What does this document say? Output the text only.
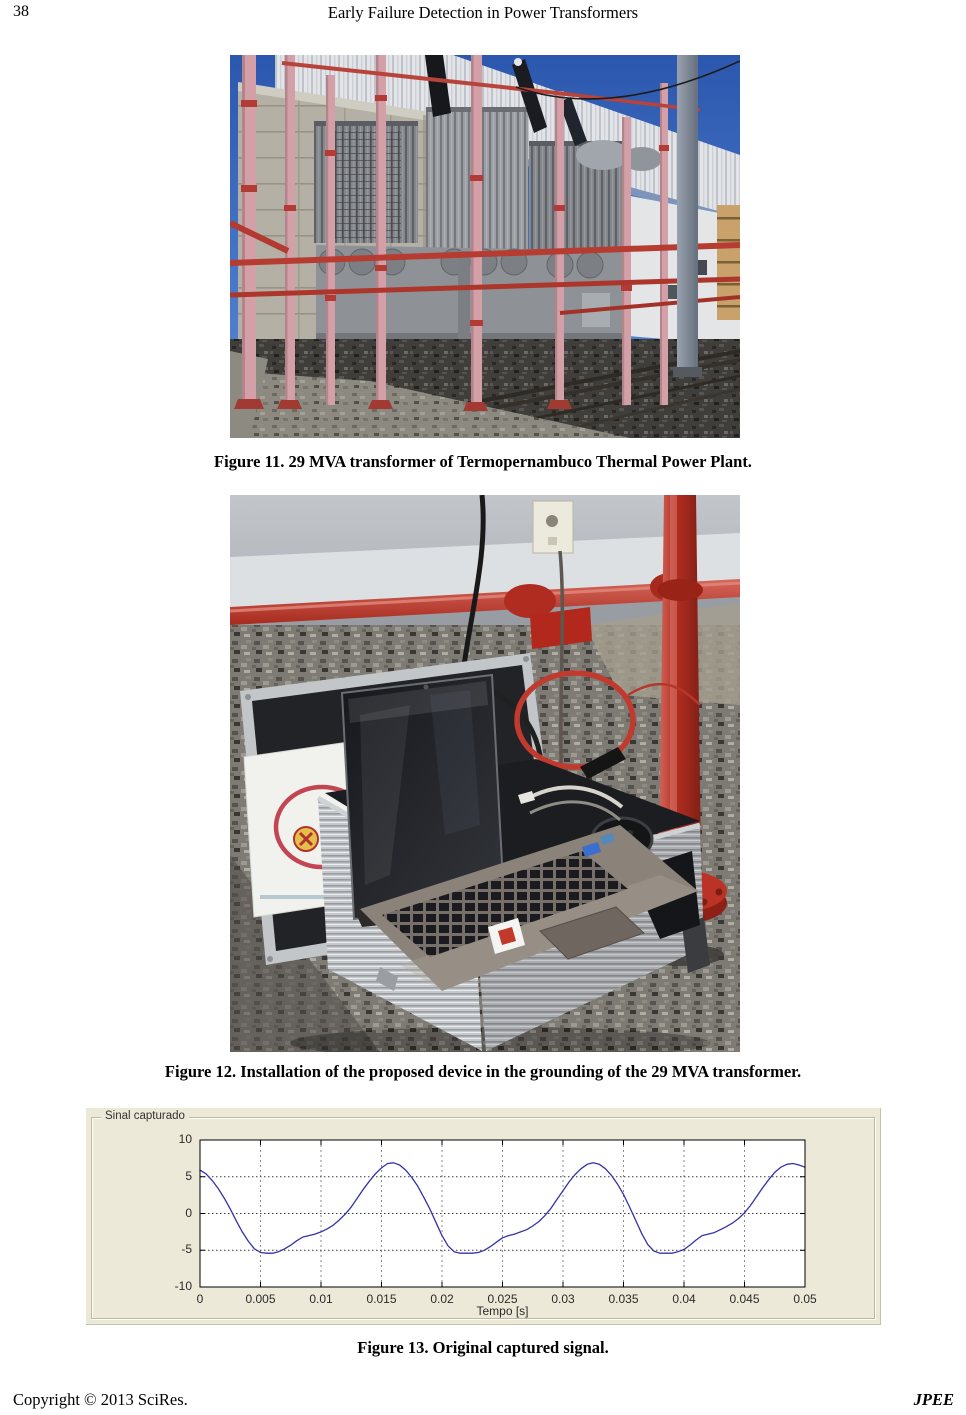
38	Early Failure Detection in Power Transformers
Figure 11. 29 MVA transformer of Termopernambuco Thermal Power Plant.
Figure 12. Installation of the proposed device in the grounding of the 29 MVA transformer.
Sinal capturado
0	0.005	0.01	0.015	0.02	0.025	0.03	0.035	0.04	0.045	0.05
10
5
0
-5
-10
Tempo [s]
Figure 13. Original captured signal.
Copyright © 2013 SciRes.	JPEE
